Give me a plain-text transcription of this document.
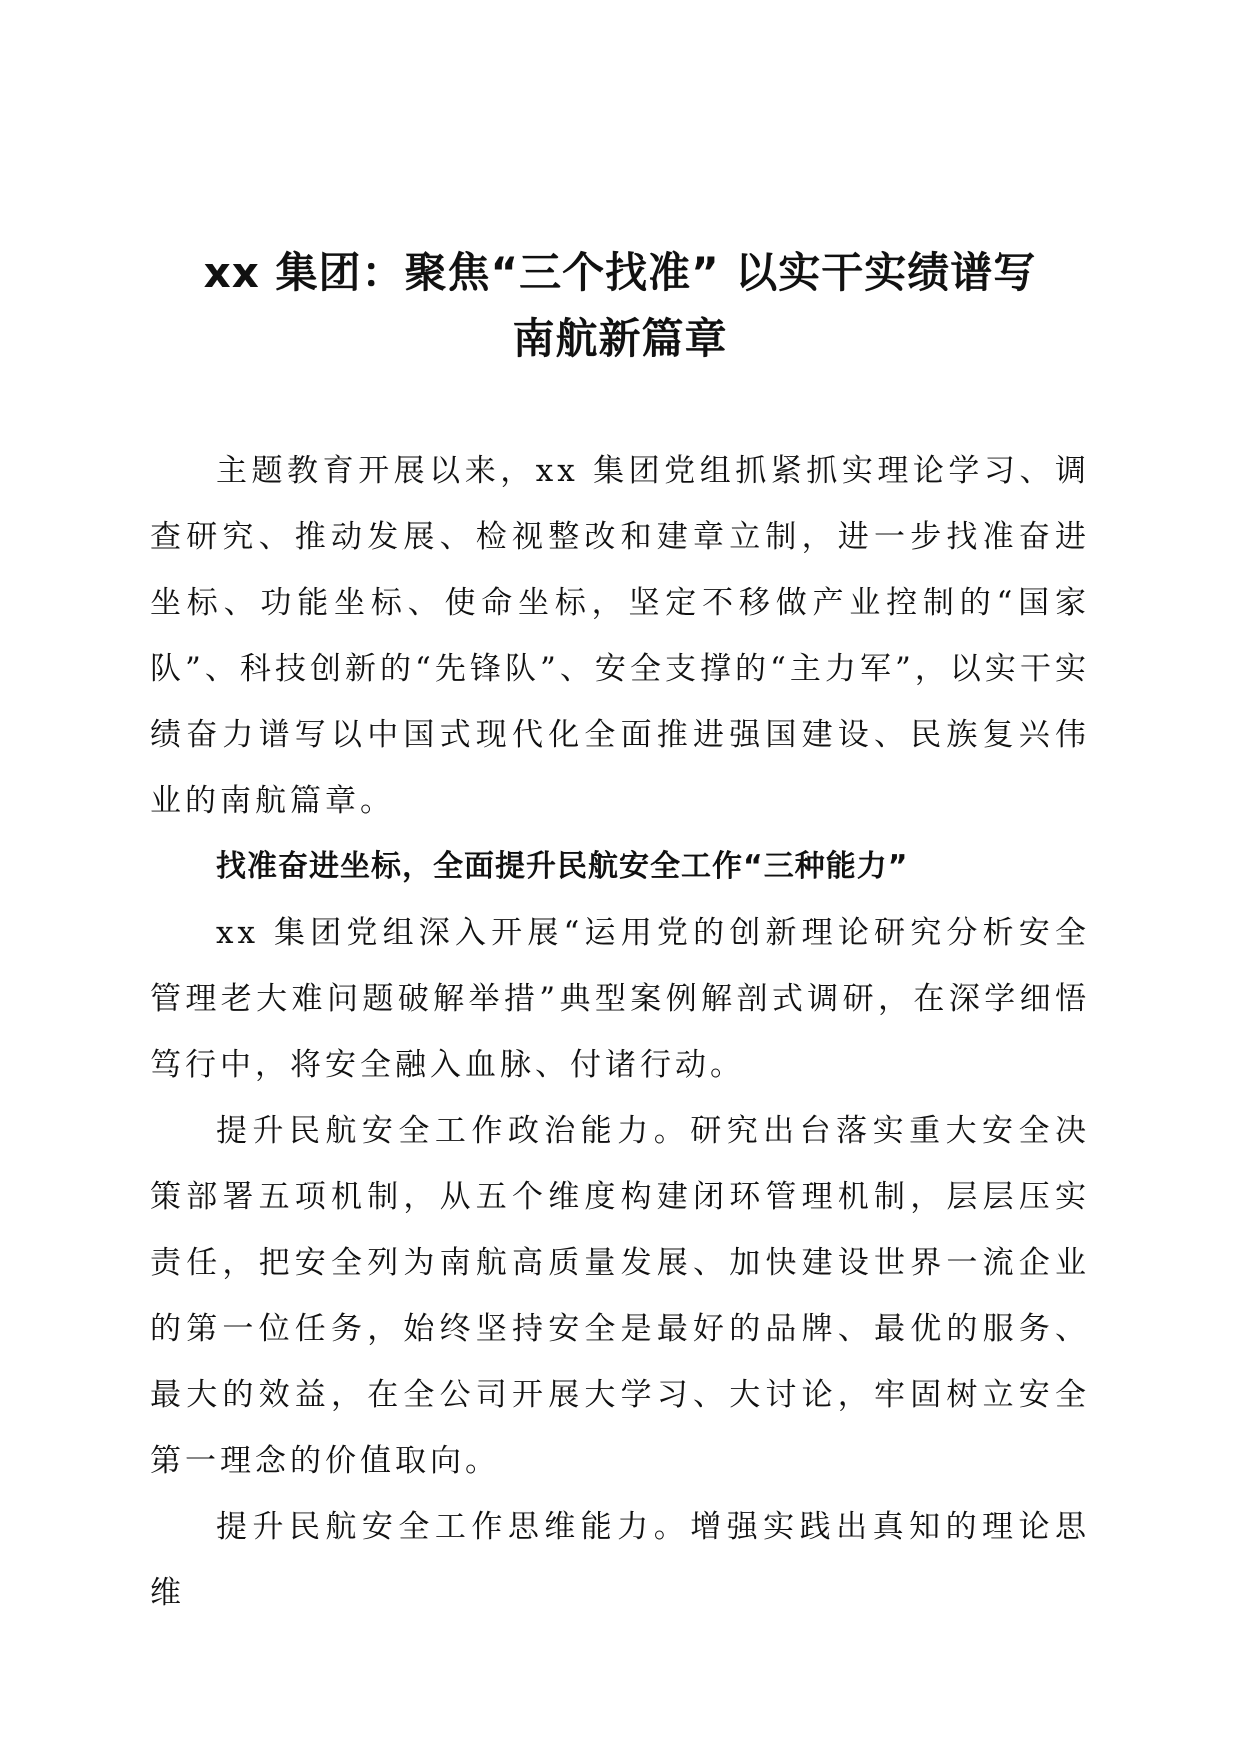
xx 集团：聚焦“三个找准” 以实干实绩谱写
南航新篇章

主题教育开展以来，xx 集团党组抓紧抓实理论学习、调查研究、推动发展、检视整改和建章立制，进一步找准奋进坐标、功能坐标、使命坐标，坚定不移做产业控制的“国家队”、科技创新的“先锋队”、安全支撑的“主力军”，以实干实绩奋力谱写以中国式现代化全面推进强国建设、民族复兴伟业的南航篇章。

找准奋进坐标，全面提升民航安全工作“三种能力”

xx 集团党组深入开展“运用党的创新理论研究分析安全管理老大难问题破解举措”典型案例解剖式调研，在深学细悟笃行中，将安全融入血脉、付诸行动。

提升民航安全工作政治能力。研究出台落实重大安全决策部署五项机制，从五个维度构建闭环管理机制，层层压实责任，把安全列为南航高质量发展、加快建设世界一流企业的第一位任务，始终坚持安全是最好的品牌、最优的服务、最大的效益，在全公司开展大学习、大讨论，牢固树立安全第一理念的价值取向。

提升民航安全工作思维能力。增强实践出真知的理论思维
